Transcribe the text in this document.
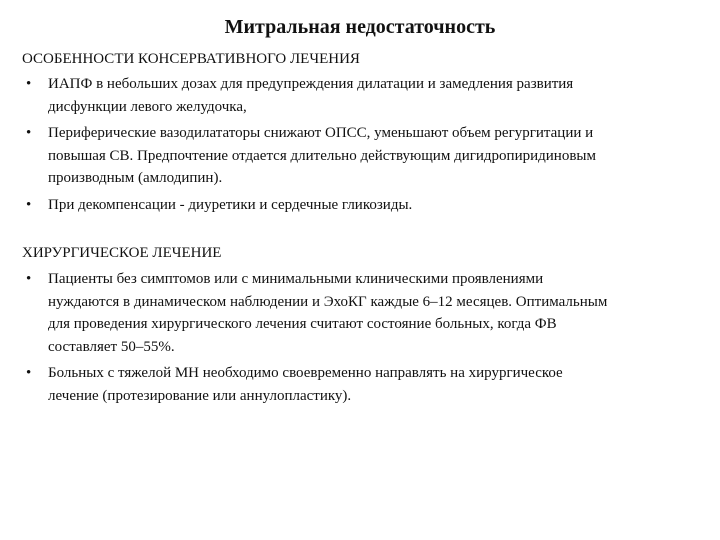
Митральная недостаточность
ОСОБЕННОСТИ КОНСЕРВАТИВНОГО ЛЕЧЕНИЯ
• ИАПФ в небольших дозах для предупреждения дилатации и замедления развития
дисфункции левого желудочка,
• Периферические вазодилататоры снижают ОПСС, уменьшают объем регургитации и
повышая СВ. Предпочтение отдается длительно действующим дигидропиридиновым
производным (амлодипин).
• При декомпенсации - диуретики и сердечные гликозиды.
ХИРУРГИЧЕСКОЕ ЛЕЧЕНИЕ
• Пациенты без симптомов или с минимальными клиническими проявлениями
нуждаются в динамическом наблюдении и ЭхоКГ каждые 6–12 месяцев. Оптимальным
для проведения хирургического лечения считают состояние больных, когда ФВ
составляет 50–55%.
• Больных с тяжелой МН необходимо своевременно направлять на хирургическое
лечение (протезирование или аннулопластику).
